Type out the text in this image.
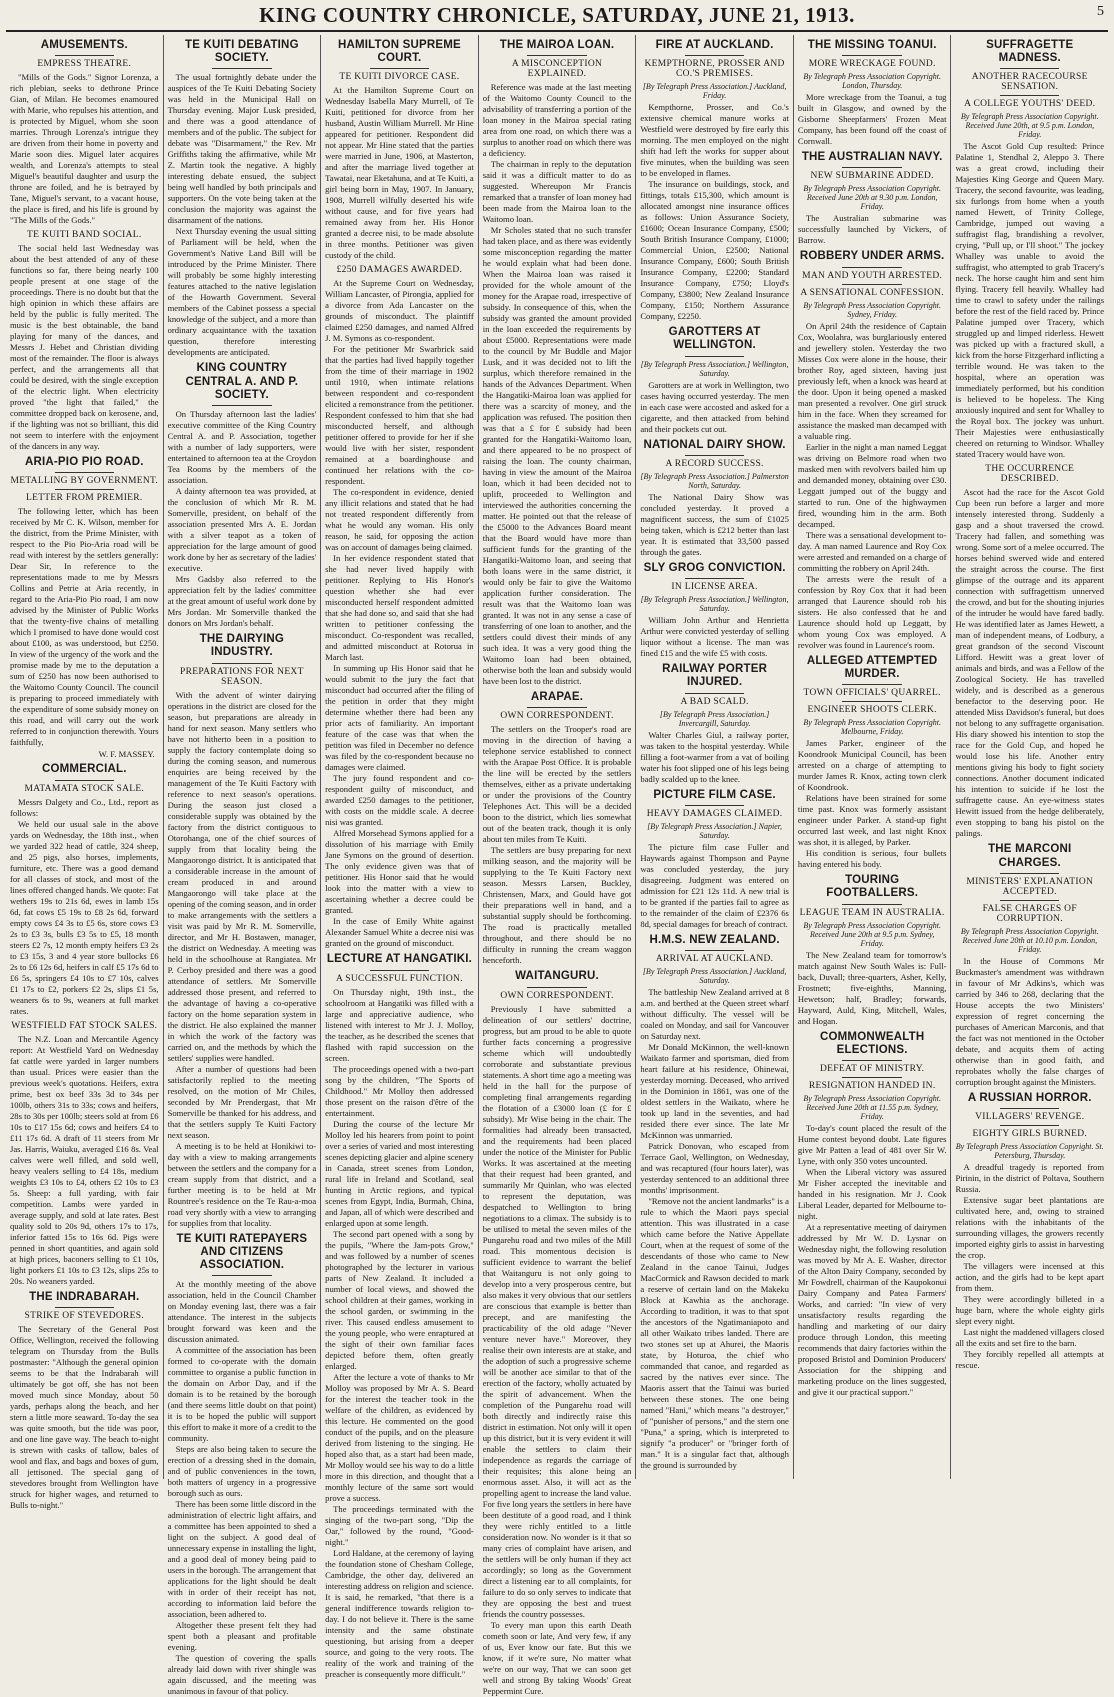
KING COUNTRY CHRONICLE, SATURDAY, JUNE 21, 1913.	5
AMUSEMENTS.
EMPRESS THEATRE.

"Mills of the Gods." Signor Lorenza, a rich plebian, seeks to dethrone Prince Gian, of Milan. He becomes enamoured with Marie, who repulses his attention, and is protected by Miguel, whom she soon marries. Through Lorenza's intrigue they are driven from their home in poverty and Marie soon dies. Miguel later acquires wealth, and Lorenza's attempts to steal Miguel's beautiful daughter and usurp the throne are foiled, and he is betrayed by Tane, Miguel's servant, to a vacant house, the place is fired, and his life is ground by "The Mills of the Gods."

TE KUITI BAND SOCIAL.

The social held last Wednesday was about the best attended of any of these functions so far, there being nearly 100 people present at one stage of the proceedings. There is no doubt but that the high opinion in which these affairs are held by the public is fully merited. The music is the best obtainable, the band playing for many of the dances, and Messrs J. Hebet and Christian dividing most of the remainder. The floor is always perfect, and the arrangements all that could be desired, with the single exception of the electric light. When electricity proved "the light that failed," the committee dropped back on kerosene, and, if the lighting was not so brilliant, this did not seem to interfere with the enjoyment of the dancers in any way.

ARIA-PIO PIO ROAD.
METALLING BY GOVERNMENT.
LETTER FROM PREMIER.

The following letter, which has been received by Mr C. K. Wilson, member for the district, from the Prime Minister, with respect to the Pio Pio-Aria road will be read with interest by the settlers generally: Dear Sir, In reference to the representations made to me by Messrs Collins and Petrie at Aria recently, in regard to the Aria-Pio Pio road, I am now advised by the Minister of Public Works that the twenty-five chains of metalling which I promised to have done would cost about £100, as was understood, but £250. In view of the urgency of the work and the promise made by me to the deputation a sum of £250 has now been authorised to the Waitomo County Council. The council is preparing to proceed immediately with the expenditure of some subsidy money on this road, and will carry out the work referred to in conjunction therewith. Yours faithfully,

W. F. MASSEY.
COMMERCIAL.
MATAMATA STOCK SALE.

Messrs Dalgety and Co., Ltd., report as follows:

We held our usual sale in the above yards on Wednesday, the 18th inst., when we yarded 322 head of cattle, 324 sheep, and 25 pigs, also horses, implements, furniture, etc. There was a good demand for all classes of stock, and most of the lines offered changed hands. We quote: Fat wethers 19s to 21s 6d, ewes in lamb 15s 6d, fat cows £5 19s to £8 2s 6d, forward empty cows £4 3s to £5 6s, store cows £3 2s to £3 3s, bulls £3 5s to £5, 18 month steers £2 7s, 12 month empty heifers £3 2s to £3 15s, 3 and 4 year store bullocks £6 2s to £6 12s 6d, heifers in calf £5 17s 6d to £6 5s, springers £4 10s to £7 10s, calves £1 17s to £2, porkers £2 2s, slips £1 5s, weaners 6s to 9s, weaners at full market rates.

WESTFIELD FAT STOCK SALES.

The N.Z. Loan and Mercantile Agency report: At Westfield Yard on Wednesday fat cattle were yarded in larger numbers than usual. Prices were easier than the previous week's quotations. Heifers, extra prime, best ox beef 33s 3d to 34s per 100lb, others 31s to 33s; cows and heifers, 28s to 30s per 100lb; steers sold at from £6 10s to £17 15s 6d; cows and heifers £4 to £11 17s 6d. A draft of 11 steers from Mr Jas. Harris, Waiuku, averaged £16 8s. Veal calves were well filled, and sold well, heavy vealers selling to £4 18s, medium weights £3 10s to £4, others £2 10s to £3 5s. Sheep: a full yarding, with fair competition. Lambs were yarded in average supply, and sold at late rates. Best quality sold to 20s 9d, others 17s to 17s, inferior fatted 15s to 16s 6d. Pigs were penned in short quantities, and again sold at high prices, baconers selling to £1 10s, light porkers £1 10s to £3 12s, slips 25s to 20s. No weaners yarded.

THE INDRABARAH.
STRIKE OF STEVEDORES.

The Secretary of the General Post Office, Wellington, received the following telegram on Thursday from the Bulls postmaster: "Although the general opinion seems to be that the Indrabarah will ultimately be got off, she has not been moved much since Monday, about 50 yards, perhaps along the beach, and her stern a little more seaward. To-day the sea was quite smooth, but the tide was poor, and one line gave way. The beach to-night is strewn with casks of tallow, bales of wool and flax, and bags and boxes of gum, all jettisoned. The special gang of stevedores brought from Wellington have struck for higher wages, and returned to Bulls to-night."

TE KUITI DEBATING SOCIETY.

The usual fortnightly debate under the auspices of the Te Kuiti Debating Society was held in the Municipal Hall on Thursday evening. Major Lusk presided, and there was a good attendance of members and of the public. The subject for debate was "Disarmament," the Rev. Mr Griffiths taking the affirmative, while Mr Z. Martin took the negative. A highly interesting debate ensued, the subject being well handled by both principals and supporters. On the vote being taken at the conclusion the majority was against the disarmament of the nations.

Next Thursday evening the usual sitting of Parliament will be held, when the Government's Native Land Bill will be introduced by the Prime Minister. There will probably be some highly interesting features attached to the native legislation of the Howarth Government. Several members of the Cabinet possess a special knowledge of the subject, and a more than ordinary acquaintance with the taxation question, therefore interesting developments are anticipated.

KING COUNTRY CENTRAL A. AND P. SOCIETY.

On Thursday afternoon last the ladies' executive committee of the King Country Central A. and P. Association, together with a number of lady supporters, were entertained to afternoon tea at the Croydon Tea Rooms by the members of the association.

A dainty afternoon tea was provided, at the conclusion of which Mr R. M. Somerville, president, on behalf of the association presented Mrs A. E. Jordan with a silver teapot as a token of appreciation for the large amount of good work done by her as secretary of the ladies' executive.

Mrs Gadsby also referred to the appreciation felt by the ladies' committee at the great amount of useful work done by Mrs Jordan. Mr Somerville thanked the donors on Mrs Jordan's behalf.

THE DAIRYING INDUSTRY.
PREPARATIONS FOR NEXT SEASON.

With the advent of winter dairying operations in the district are closed for the season, but preparations are already in hand for next season. Many settlers who have not hitherto been in a position to supply the factory contemplate doing so during the coming season, and numerous enquiries are being received by the management of the Te Kuiti Factory with reference to next season's operations. During the season just closed a considerable supply was obtained by the factory from the district contiguous to Otorohanga, one of the chief sources of supply from that locality being the Mangaorongo district. It is anticipated that a considerable increase in the amount of cream produced in and around Mangaorongo will take place at the opening of the coming season, and in order to make arrangements with the settlers a visit was paid by Mr R. M. Somerville, director, and Mr H. Bostawen, manager, the district on Wednesday. A meeting was held in the schoolhouse at Rangiatea. Mr P. Cerboy presided and there was a good attendance of settlers. Mr Somerville addressed those present, and referred to the advantage of having a co-operative factory on the home separation system in the district. He also explained the manner in which the work of the factory was carried on, and the methods by which the settlers' supplies were handled.

After a number of questions had been satisfactorily replied to the meeting resolved, on the motion of Mr Chiles, seconded by Mr Prendergast, that Mr Somerville be thanked for his address, and that the settlers supply Te Kuiti Factory next season.

A meeting is to be held at Honikiwi to-day with a view to making arrangements between the settlers and the company for a cream supply from that district, and a further meeting is to be held at Mr Rountree's residence on the Te Rau-a-moa road very shortly with a view to arranging for supplies from that locality.

TE KUITI RATEPAYERS AND CITIZENS ASSOCIATION.

At the monthly meeting of the above association, held in the Council Chamber on Monday evening last, there was a fair attendance. The interest in the subjects brought forward was keen and the discussion animated.

A committee of the association has been formed to co-operate with the domain committee to organise a public function in the domain on Arbor Day, and if the domain is to be retained by the borough (and there seems little doubt on that point) it is to be hoped the public will support this effort to make it more of a credit to the community.

Steps are also being taken to secure the erection of a dressing shed in the domain, and of public conveniences in the town, both matters of urgency in a progressive borough such as ours.

There has been some little discord in the administration of electric light affairs, and a committee has been appointed to shed a light on the subject. A good deal of unnecessary expense in installing the light, and a good deal of money being paid to users in the borough. The arrangement that applications for the light should be dealt with in order of their receipt has not, according to information laid before the association, been adhered to.

Altogether these present felt they had spent both a pleasant and profitable evening.

The question of covering the spalls already laid down with river shingle was again discussed, and the meeting was unanimous in favour of that policy.

HAMILTON SUPREME COURT.
TE KUITI DIVORCE CASE.

At the Hamilton Supreme Court on Wednesday Isabella Mary Murrell, of Te Kuiti, petitioned for divorce from her husband, Austin William Murrell. Mr Hine appeared for petitioner. Respondent did not appear. Mr Hine stated that the parties were married in June, 1906, at Masterton, and after the marriage lived together at Tawatai, near Eketahuna, and at Te Kuiti, a girl being born in May, 1907. In January, 1908, Murrell wilfully deserted his wife without cause, and for five years had remained away from her. His Honor granted a decree nisi, to be made absolute in three months. Petitioner was given custody of the child.

£250 DAMAGES AWARDED.

At the Supreme Court on Wednesday, William Lancaster, of Pirongia, applied for a divorce from Ada Lancaster on the grounds of misconduct. The plaintiff claimed £250 damages, and named Alfred J. M. Symons as co-respondent.

For the petitioner Mr Swarbrick said that the parties had lived happily together from the time of their marriage in 1902 until 1910, when intimate relations between respondent and co-respondent elicited a remonstrance from the petitioner. Respondent confessed to him that she had misconducted herself, and although petitioner offered to provide for her if she would live with her sister, respondent remained at a boardinghouse and continued her relations with the co-respondent.

The co-respondent in evidence, denied any illicit relations and stated that he had not treated respondent differently from what he would any woman. His only reason, he said, for opposing the action was on account of damages being claimed.

In her evidence respondent stated that she had never lived happily with petitioner. Replying to His Honor's question whether she had ever misconducted herself respondent admitted that she had done so, and said that she had written to petitioner confessing the misconduct. Co-respondent was recalled, and admitted misconduct at Rotorua in March last.

In summing up His Honor said that he would submit to the jury the fact that misconduct had occurred after the filing of the petition in order that they might determine whether there had been any prior acts of familiarity. An important feature of the case was that when the petition was filed in December no defence was filed by the co-respondent because no damages were claimed.

The jury found respondent and co-respondent guilty of misconduct, and awarded £250 damages to the petitioner, with costs on the middle scale. A decree nisi was granted.

Alfred Morsehead Symons applied for a dissolution of his marriage with Emily Jane Symons on the ground of desertion. The only evidence given was that of petitioner. His Honor said that he would look into the matter with a view to ascertaining whether a decree could be granted.

In the case of Emily White against Alexander Samuel White a decree nisi was granted on the ground of misconduct.

LECTURE AT HANGATIKI.
A SUCCESSFUL FUNCTION.

On Thursday night, 19th inst., the schoolroom at Hangatiki was filled with a large and appreciative audience, who listened with interest to Mr J. J. Molloy, the teacher, as he described the scenes that flashed with rapid succession on the screen.

The proceedings opened with a two-part song by the children, "The Sports of Childhood." Mr Molloy then addressed those present on the raison d'être of the entertainment.

During the course of the lecture Mr Molloy led his hearers from point to point over a series of varied and most interesting scenes depicting glacier and alpine scenery in Canada, street scenes from London, rural life in Ireland and Scotland, seal hunting in Arctic regions, and typical scenes from Egypt, India, Burmah, China, and Japan, all of which were described and enlarged upon at some length.

The second part opened with a song by the pupils, "Where the Jam-pots Grow," and was followed by a number of scenes photographed by the lecturer in various parts of New Zealand. It included a number of local views, and showed the school children at their games, working in the school garden, or swimming in the river. This caused endless amusement to the young people, who were enraptured at the sight of their own familiar faces depicted before them, often greatly enlarged.

After the lecture a vote of thanks to Mr Molloy was proposed by Mr A. S. Beard for the interest the teacher took in the welfare of the children, as evidenced by this lecture. He commented on the good conduct of the pupils, and on the pleasure derived from listening to the singing. He hoped also that, as a start had been made, Mr Molloy would see his way to do a little more in this direction, and thought that a monthly lecture of the same sort would prove a success.

The proceedings terminated with the singing of the two-part song, "Dip the Oar," followed by the round, "Good-night."

Lord Haldane, at the ceremony of laying the foundation stone of Chesham College, Cambridge, the other day, delivered an interesting address on religion and science. It is said, he remarked, "that there is a general indifference towards religion to-day. I do not believe it. There is the same intensity and the same obstinate questioning, but arising from a deeper source, and going to the very roots. The reality of the work and training of the preacher is consequently more difficult."

THE MAIROA LOAN.
A MISCONCEPTION EXPLAINED.

Reference was made at the last meeting of the Waitomo County Council to the advisability of transferring a portion of the loan money in the Mairoa special rating area from one road, on which there was a surplus to another road on which there was a deficiency.

The chairman in reply to the deputation said it was a difficult matter to do as suggested. Whereupon Mr Francis remarked that a transfer of loan money had been made from the Mairoa loan to the Waitomo loan.

Mr Scholes stated that no such transfer had taken place, and as there was evidently some misconception regarding the matter he would explain what had been done. When the Mairoa loan was raised it provided for the whole amount of the money for the Arapae road, irrespective of subsidy. In consequence of this, when the subsidy was granted the amount provided in the loan exceeded the requirements by about £5000. Representations were made to the council by Mr Buddle and Major Lusk, and it was decided not to lift the surplus, which therefore remained in the hands of the Advances Department. When the Hangatiki-Mairoa loan was applied for there was a scarcity of money, and the application was refused. The position then was that a £ for £ subsidy had been granted for the Hangatiki-Waitomo loan, and there appeared to be no prospect of raising the loan. The county chairman, having in view the amount of the Mairoa loan, which it had been decided not to uplift, proceeded to Wellington and interviewed the authorities concerning the matter. He pointed out that the release of the £5000 to the Advances Board meant that the Board would have more than sufficient funds for the granting of the Hangatiki-Waitomo loan, and seeing that both loans were in the same district, it would only be fair to give the Waitomo application further consideration. The result was that the Waitomo loan was granted. It was not in any sense a case of transferring of one loan to another, and the settlers could divest their minds of any such idea. It was a very good thing the Waitomo loan had been obtained, otherwise both the loan and subsidy would have been lost to the district.

ARAPAE.
OWN CORRESPONDENT.

The settlers on the Trooper's road are moving in the direction of having a telephone service established to connect with the Arapae Post Office. It is probable the line will be erected by the settlers themselves, either as a private undertaking or under the provisions of the Country Telephones Act. This will be a decided boon to the district, which lies somewhat out of the beaten track, though it is only about ten miles from Te Kuiti.

The settlers are busy preparing for next milking season, and the majority will be supplying to the Te Kuiti Factory next season. Messrs Larsen, Buckley, Christensen, Marx, and Gould have got their preparations well in hand, and a substantial supply should be forthcoming. The road is practically metalled throughout, and there should be no difficulty in running the cream waggon henceforth.

WAITANGURU.
OWN CORRESPONDENT.

Previously I have submitted a delineation of our settlers' doctrine, progress, but am proud to be able to quote further facts concerning a progressive scheme which will undoubtedly corroborate and substantiate previous statements. A short time ago a meeting was held in the hall for the purpose of completing final arrangements regarding the flotation of a £3000 loan (£ for £ subsidy). Mr Wise being in the chair. The formalities had already been transacted, and the requirements had been placed under the notice of the Minister for Public Works. It was ascertained at the meeting that their request had been granted, and summarily Mr Quinlan, who was elected to represent the deputation, was despatched to Wellington to bring negotiations to a climax. The subsidy is to be utilised to metal the seven miles of the Pungarehu road and two miles of the Mill road. This momentous decision is sufficient evidence to warrant the belief that Waitanguru is not only going to develop into a very prosperous centre, but also makes it very obvious that our settlers are conscious that example is better than precept, and are manifesting the practicability of the old adage "Never venture never have." Moreover, they realise their own interests are at stake, and the adoption of such a progressive scheme will be another ace similar to that of the erection of the factory, wholly actuated by the spirit of advancement. When the completion of the Pungarehu road will both directly and indirectly raise this district in estimation. Not only will it open up this district, but it is very evident it will enable the settlers to claim their independence as regards the carriage of their requisites; this alone being an enormous asset. Also, it will act as the propelling agent to increase the land value. For five long years the settlers in here have been destitute of a good road, and I think they were richly entitled to a little consideration now. No wonder is it that so many cries of complaint have arisen, and the settlers will be only human if they act accordingly; so long as the Government direct a listening ear to all complaints, for failure to do so only serves to indicate that they are opposing the best and truest friends the country possesses.

To every man upon this earth Death cometh soon or late, And very few, if any of us, Ever know our fate. But this we know, if it we're sure, No matter what we're on our way, That we can soon get well and strong By taking Woods' Great Peppermint Cure.

FIRE AT AUCKLAND.
KEMPTHORNE, PROSSER AND CO.'S PREMISES.
[By Telegraph Press Association.] Auckland, Friday.

Kempthorne, Prosser, and Co.'s extensive chemical manure works at Westfield were destroyed by fire early this morning. The men employed on the night shift had left the works for supper about five minutes, when the building was seen to be enveloped in flames.

The insurance on buildings, stock, and fittings, totals £15,300, which amount is allocated amongst nine insurance offices as follows: Union Assurance Society, £1600; Ocean Insurance Company, £500; South British Insurance Company, £1000; Commercial Union, £2500; National Insurance Company, £600; South British Insurance Company, £2200; Standard Insurance Company, £750; Lloyd's Company, £3800; New Zealand Insurance Company, £150; Northern Assurance Company, £2250.

GAROTTERS AT WELLINGTON.
[By Telegraph Press Association.] Wellington, Saturday.

Garotters are at work in Wellington, two cases having occurred yesterday. The men in each case were accosted and asked for a cigarette, and then attacked from behind and their pockets cut out.

NATIONAL DAIRY SHOW.
A RECORD SUCCESS.
[By Telegraph Press Association.] Palmerston North, Saturday.

The National Dairy Show was concluded yesterday. It proved a magnificent success, the sum of £1025 being taken, which is £212 better than last year. It is estimated that 33,500 passed through the gates.

SLY GROG CONVICTION.
IN LICENSE AREA.
[By Telegraph Press Association.] Wellington, Saturday.

William John Arthur and Henrietta Arthur were convicted yesterday of selling liquor without a license. The man was fined £15 and the wife £5 with costs.

RAILWAY PORTER INJURED.
A BAD SCALD.
[By Telegraph Press Association.] Invercargill, Saturday.

Walter Charles Giul, a railway porter, was taken to the hospital yesterday. While filling a foot-warmer from a vat of boiling water his foot slipped one of his legs being badly scalded up to the knee.

PICTURE FILM CASE.
HEAVY DAMAGES CLAIMED.
[By Telegraph Press Association.] Napier, Saturday.

The picture film case Fuller and Haywards against Thompson and Payne was concluded yesterday, the jury disagreeing. Judgment was entered on admission for £21 12s 11d. A new trial is to be granted if the parties fail to agree as to the remainder of the claim of £2376 6s 8d, special damages for breach of contract.

H.M.S. NEW ZEALAND.
ARRIVAL AT AUCKLAND.
[By Telegraph Press Association.] Auckland, Saturday.

The battleship New Zealand arrived at 8 a.m. and berthed at the Queen street wharf without difficulty. The vessel will be coaled on Monday, and sail for Vancouver on Saturday next.

Mr Donald McKinnon, the well-known Waikato farmer and sportsman, died from heart failure at his residence, Ohinewai, yesterday morning. Deceased, who arrived in the Dominion in 1861, was one of the oldest settlers in the Waikato, where he took up land in the seventies, and had resided there ever since. The late Mr McKinnon was unmarried.

Patrick Donovan, who escaped from Terrace Gaol, Wellington, on Wednesday, and was recaptured (four hours later), was yesterday sentenced to an additional three months' imprisonment.

"Remove not the ancient landmarks" is a rule to which the Maori pays special attention. This was illustrated in a case which came before the Native Appellate Court, when at the request of some of the descendants of those who came to New Zealand in the canoe Tainui, Judges MacCormick and Rawson decided to mark a reserve of certain land on the Makeku Block at Kawhia as the anchorage. According to tradition, it was to that spot the ancestors of the Ngatimaniapoto and all other Waikato tribes landed. There are two stones set up at Ahurei, the Maoris state, by Hoturoa, the chief who commanded that canoe, and regarded as sacred by the natives ever since. The Maoris assert that the Tainui was buried between these stones. The one being named "Hani," which means "a destroyer," of "punisher of persons," and the stern one "Puna," a spring, which is interpreted to signify "a producer" or "bringer forth of man." It is a singular fact that, although the ground is surrounded by

THE MISSING TOANUI.
MORE WRECKAGE FOUND.
By Telegraph Press Association Copyright. London, Thursday.

More wreckage from the Toanui, a tug built in Glasgow, and owned by the Gisborne Sheepfarmers' Frozen Meat Company, has been found off the coast of Cornwall.

THE AUSTRALIAN NAVY.
NEW SUBMARINE ADDED.
By Telegraph Press Association Copyright. Received June 20th at 9.30 p.m. London, Friday.

The Australian submarine was successfully launched by Vickers, of Barrow.

ROBBERY UNDER ARMS.
MAN AND YOUTH ARRESTED.
A SENSATIONAL CONFESSION.
By Telegraph Press Association Copyright. Sydney, Friday.

On April 24th the residence of Captain Cox, Woolahra, was burglariously entered and jewellery stolen. Yesterday the two Misses Cox were alone in the house, their brother Roy, aged sixteen, having just previously left, when a knock was heard at the door. Upon it being opened a masked man presented a revolver. One girl struck him in the face. When they screamed for assistance the masked man decamped with a valuable ring.

Earlier in the night a man named Leggat was driving on Belmore road when two masked men with revolvers bailed him up and demanded money, obtaining over £30. Leggatt jumped out of the buggy and started to run. One of the highwaymen fired, wounding him in the arm. Both decamped.

There was a sensational development to-day. A man named Laurence and Roy Cox were arrested and remanded on a charge of committing the robbery on April 24th.

The arrests were the result of a confession by Roy Cox that it had been arranged that Laurence should rob his sisters. He also confessed that he and Laurence should hold up Leggatt, by whom young Cox was employed. A revolver was found in Laurence's room.

ALLEGED ATTEMPTED MURDER.
TOWN OFFICIALS' QUARREL.
ENGINEER SHOOTS CLERK.
By Telegraph Press Association Copyright. Melbourne, Friday.

James Parker, engineer of the Koondrook Municipal Council, has been arrested on a charge of attempting to murder James R. Knox, acting town clerk of Koondrook.

Relations have been strained for some time past. Knox was formerly assistant engineer under Parker. A stand-up fight occurred last week, and last night Knox was shot, it is alleged, by Parker.

His condition is serious, four bullets having entered his body.

TOURING FOOTBALLERS.
LEAGUE TEAM IN AUSTRALIA.
By Telegraph Press Association Copyright. Received June 20th at 9.5 p.m. Sydney, Friday.

The New Zealand team for tomorrow's match against New South Wales is: Full-back, Duvall; three-quarters, Asher, Kelly, Frostnett; five-eighths, Manning, Hewetson; half, Bradley; forwards, Hayward, Auld, King, Mitchell, Wales, and Hogan.

COMMONWEALTH ELECTIONS.
DEFEAT OF MINISTRY.
RESIGNATION HANDED IN.
By Telegraph Press Association Copyright. Received June 20th at 11.55 p.m. Sydney, Friday.

To-day's count placed the result of the Hume contest beyond doubt. Late figures give Mr Patten a lead of 481 over Sir W. Lyne, with only 350 votes uncounted.

When the Liberal victory was assured Mr Fisher accepted the inevitable and handed in his resignation. Mr J. Cook Liberal Leader, departed for Melbourne to-night.

At a representative meeting of dairymen addressed by Mr W. D. Lysnar on Wednesday night, the following resolution was moved by Mr A. E. Washer, director of the Alton Dairy Company, seconded by Mr Fowdrell, chairman of the Kaupokonui Dairy Company and Patea Farmers' Works, and carried: "In view of very unsatisfactory results regarding the handling and marketing of our dairy produce through London, this meeting recommends that dairy factories within the proposed Bristol and Dominion Producers' Association for the shipping and marketing produce on the lines suggested, and give it our practical support."

SUFFRAGETTE MADNESS.
ANOTHER RACECOURSE SENSATION.
A COLLEGE YOUTHS' DEED.
By Telegraph Press Association Copyright. Received June 20th, at 9.5 p.m. London, Friday.

The Ascot Gold Cup resulted: Prince Palatine 1, Stendhal 2, Aleppo 3. There was a great crowd, including their Majesties King George and Queen Mary. Tracery, the second favourite, was leading, six furlongs from home when a youth named Hewett, of Trinity College, Cambridge, jumped out waving a suffragist flag, brandishing a revolver, crying, "Pull up, or I'll shoot." The jockey Whalley was unable to avoid the suffragist, who attempted to grab Tracery's neck. The horse caught him and sent him flying. Tracery fell heavily. Whalley had time to crawl to safety under the railings before the rest of the field raced by. Prince Palatine jumped over Tracery, which struggled up and limped riderless. Hewett was picked up with a fractured skull, a kick from the horse Fitzgerhard inflicting a terrible wound. He was taken to the hospital, where an operation was immediately performed, but his condition is believed to be hopeless. The King anxiously inquired and sent for Whalley to the Royal box. The jockey was unhurt. Their Majesties were enthusiastically cheered on returning to Windsor. Whalley stated Tracery would have won.

THE OCCURRENCE DESCRIBED.

Ascot had the race for the Ascot Gold Cup been run before a larger and more intensely interested throng. Suddenly a gasp and a shout traversed the crowd. Tracery had fallen, and something was wrong. Some sort of a melee occurred. The horses behind swerved wide and entered the straight across the course. The first glimpse of the outrage and its apparent connection with suffragettism unnerved the crowd, and but for the shouting injuries of the intruder he would have fared badly. He was identified later as James Hewett, a man of independent means, of Lodbury, a great grandson of the second Viscount Lifford. Hewitt was a great lover of animals and birds, and was a Fellow of the Zoological Society. He has travelled widely, and is described as a generous benefactor to the deserving poor. He attended Miss Davidson's funeral, but does not belong to any suffragette organisation. His diary showed his intention to stop the race for the Gold Cup, and hoped he would lose his life. Another entry mentions giving his body to fight society connections. Another document indicated his intention to suicide if he lost the suffragette cause. An eye-witness states Hewitt issued from the hedge deliberately, even stopping to bang his pistol on the palings.

THE MARCONI CHARGES.
MINISTERS' EXPLANATION ACCEPTED.
FALSE CHARGES OF CORRUPTION.
By Telegraph Press Association Copyright. Received June 20th at 10.10 p.m. London, Friday.

In the House of Commons Mr Buckmaster's amendment was withdrawn in favour of Mr Adkins's, which was carried by 346 to 268, declaring that the House accepts the two Ministers' expression of regret concerning the purchases of American Marconis, and that the fact was not mentioned in the October debate, and acquits them of acting otherwise than in good faith, and reprobates wholly the false charges of corruption brought against the Ministers.

A RUSSIAN HORROR.
VILLAGERS' REVENGE.
EIGHTY GIRLS BURNED.
By Telegraph Press Association Copyright. St. Petersburg, Thursday.

A dreadful tragedy is reported from Pirinin, in the district of Poltava, Southern Russia.

Extensive sugar beet plantations are cultivated here, and, owing to strained relations with the inhabitants of the surrounding villages, the growers recently imported eighty girls to assist in harvesting the crop.

The villagers were incensed at this action, and the girls had to be kept apart from them.

They were accordingly billeted in a huge barn, where the whole eighty girls slept every night.

Last night the maddened villagers closed all the exits and set fire to the barn.

They forcibly repelled all attempts at rescue.
